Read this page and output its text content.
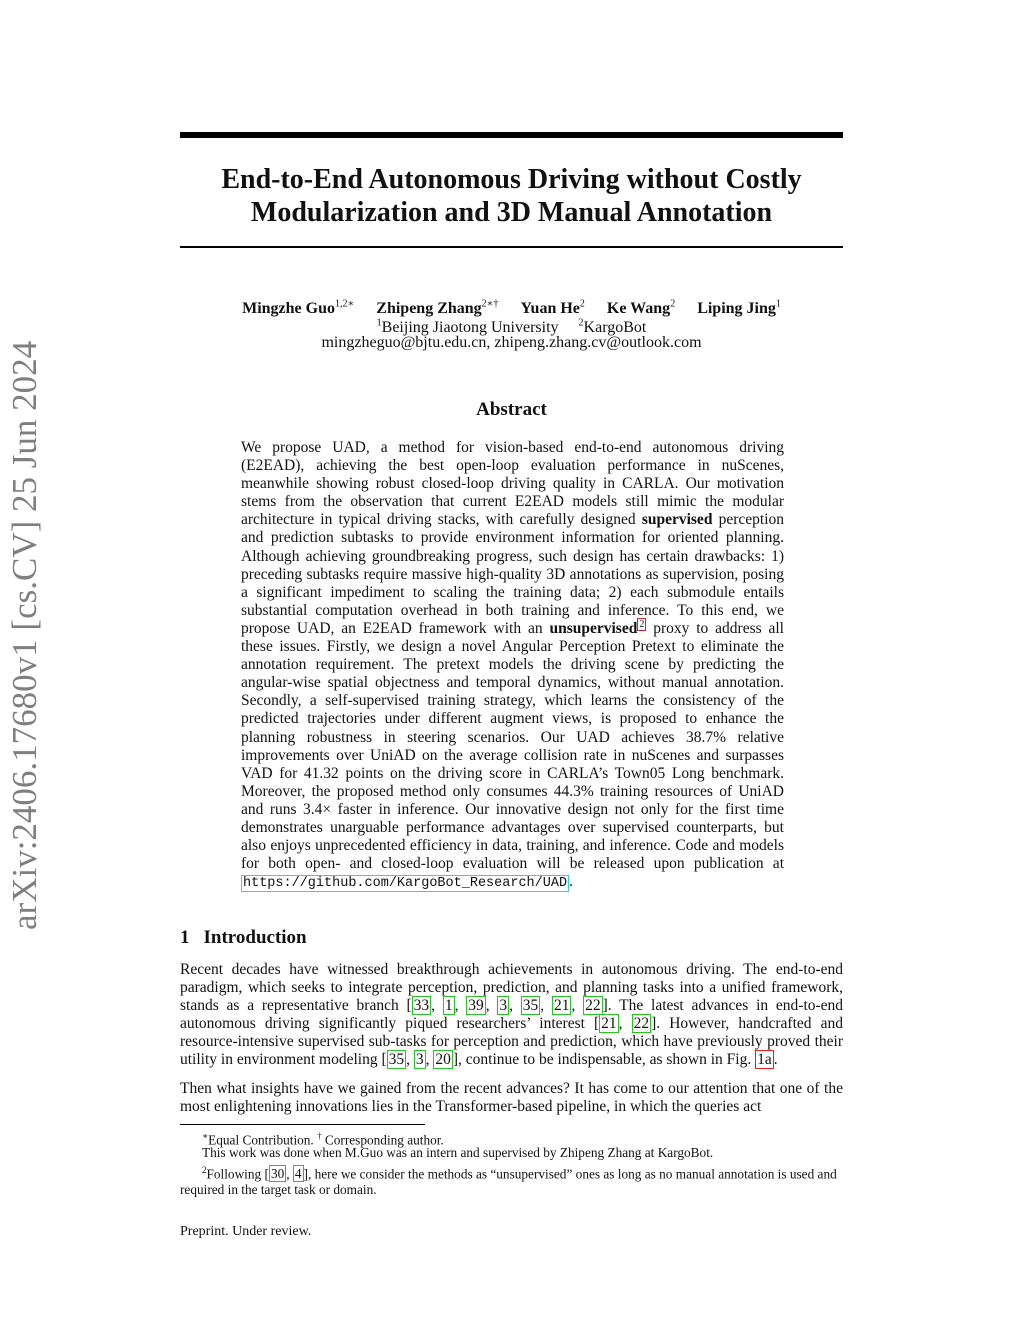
arXiv:2406.17680v1 [cs.CV] 25 Jun 2024
End-to-End Autonomous Driving without Costly
Modularization and 3D Manual Annotation
Mingzhe Guo$^{1,2∗}$ Zhipeng Zhang$^{2∗\dagger}$ Yuan He$^2$ Ke Wang$^2$ Liping Jing$^1$
$^1$Beijing Jiaotong University $^2$KargoBot
mingzheguo@bjtu.edu.cn, zhipeng.zhang.cv@outlook.com
Abstract
We propose UAD, a method for vision-based end-to-end autonomous driving (E2EAD), achieving the best open-loop evaluation performance in nuScenes, meanwhile showing robust closed-loop driving quality in CARLA. Our motivation stems from the observation that current E2EAD models still mimic the modular architecture in typical driving stacks, with carefully designed supervised perception and prediction subtasks to provide environment information for oriented planning. Although achieving groundbreaking progress, such design has certain drawbacks: 1) preceding subtasks require massive high-quality 3D annotations as supervision, posing a significant impediment to scaling the training data; 2) each submodule entails substantial computation overhead in both training and inference. To this end, we propose UAD, an E2EAD framework with an unsupervised $^2$ proxy to address all these issues. Firstly, we design a novel Angular Perception Pretext to eliminate the annotation requirement. The pretext models the driving scene by predicting the angular-wise spatial objectness and temporal dynamics, without manual annotation. Secondly, a self-supervised training strategy, which learns the consistency of the predicted trajectories under different augment views, is proposed to enhance the planning robustness in steering scenarios. Our UAD achieves 38.7% relative improvements over UniAD on the average collision rate in nuScenes and surpasses VAD for 41.32 points on the driving score in CARLA’s Town05 Long benchmark. Moreover, the proposed method only consumes 44.3% training resources of UniAD and runs 3.4× faster in inference. Our innovative design not only for the first time demonstrates unarguable performance advantages over supervised counterparts, but also enjoys unprecedented efficiency in data, training, and inference. Code and models for both open- and closed-loop evaluation will be released upon publication at https://github.com/KargoBot_Research/UAD .
1 Introduction
Recent decades have witnessed breakthrough achievements in autonomous driving. The end-to-end paradigm, which seeks to integrate perception, prediction, and planning tasks into a unified framework, stands as a representative branch [ 33 , 1 , 39 , 3 , 35 , 21 , 22 ]. The latest advances in end-to-end autonomous driving significantly piqued researchers’ interest [ 21 , 22 ]. However, handcrafted and resource-intensive supervised sub-tasks for perception and prediction, which have previously proved their utility in environment modeling [ 35 , 3 , 20 ], continue to be indispensable, as shown in Fig. 1a .
Then what insights have we gained from the recent advances? It has come to our attention that one of the most enlightening innovations lies in the Transformer-based pipeline, in which the queries act
∗Equal Contribution. † Corresponding author.
This work was done when M.Guo was an intern and supervised by Zhipeng Zhang at KargoBot.
$^2$Following [ 30 , 4 ], here we consider the methods as “unsupervised” ones as long as no manual annotation is used and required in the target task or domain.
Preprint. Under review.
